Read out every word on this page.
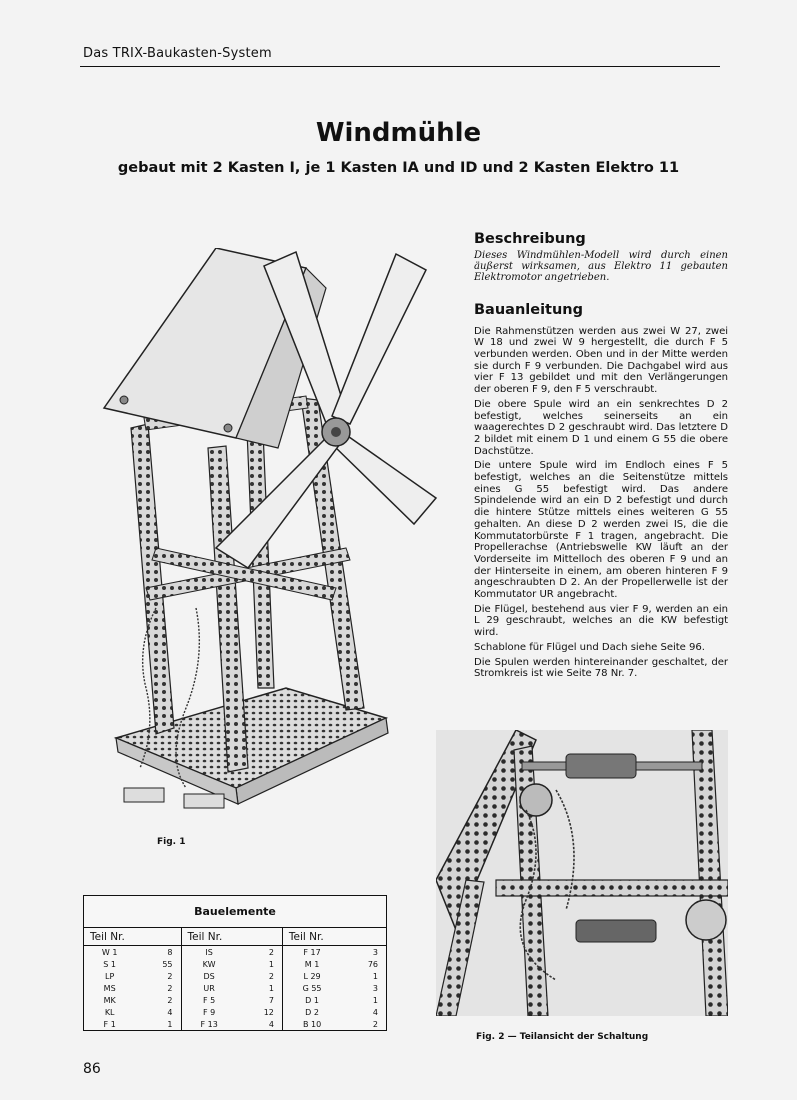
Das TRIX-Baukasten-System
Windmühle
gebaut mit 2 Kasten I, je 1 Kasten IA und ID und 2 Kasten Elektro 11
Fig. 1
Beschreibung

Dieses Windmühlen-Modell wird durch einen äußerst wirksamen, aus Elektro 11 gebauten Elektromotor angetrieben.

Bauanleitung

Die Rahmenstützen werden aus zwei W 27, zwei W 18 und zwei W 9 hergestellt, die durch F 5 verbunden werden. Oben und in der Mitte werden sie durch F 9 verbunden. Die Dachgabel wird aus vier F 13 gebildet und mit den Verlängerungen der oberen F 9, den F 5 verschraubt.

Die obere Spule wird an ein senkrechtes D 2 befestigt, welches seinerseits an ein waagerechtes D 2 geschraubt wird. Das letztere D 2 bildet mit einem D 1 und einem G 55 die obere Dachstütze.

Die untere Spule wird im Endloch eines F 5 befestigt, welches an die Seitenstütze mittels eines G 55 befestigt wird. Das andere Spindelende wird an ein D 2 befestigt und durch die hintere Stütze mittels eines weiteren G 55 gehalten. An diese D 2 werden zwei IS, die die Kommutatorbürste F 1 tragen, angebracht. Die Propellerachse (Antriebswelle KW läuft an der Vorderseite im Mittelloch des oberen F 9 und an der Hinterseite in einem, am oberen hinteren F 9 angeschraubten D 2. An der Propellerwelle ist der Kommutator UR angebracht.

Die Flügel, bestehend aus vier F 9, werden an ein L 29 geschraubt, welches an die KW befestigt wird.

Schablone für Flügel und Dach siehe Seite 96.

Die Spulen werden hintereinander geschaltet, der Stromkreis ist wie Seite 78 Nr. 7.

Fig. 2 — Teilansicht der Schaltung
Bauelemente
Teil Nr.		Teil Nr.		Teil Nr.	
W 1	8	IS	2	F 17	3
S 1	55	KW	1	M 1	76
LP	2	DS	2	L 29	1
MS	2	UR	1	G 55	3
MK	2	F 5	7	D 1	1
KL	4	F 9	12	D 2	4
F 1	1	F 13	4	B 10	2
86
